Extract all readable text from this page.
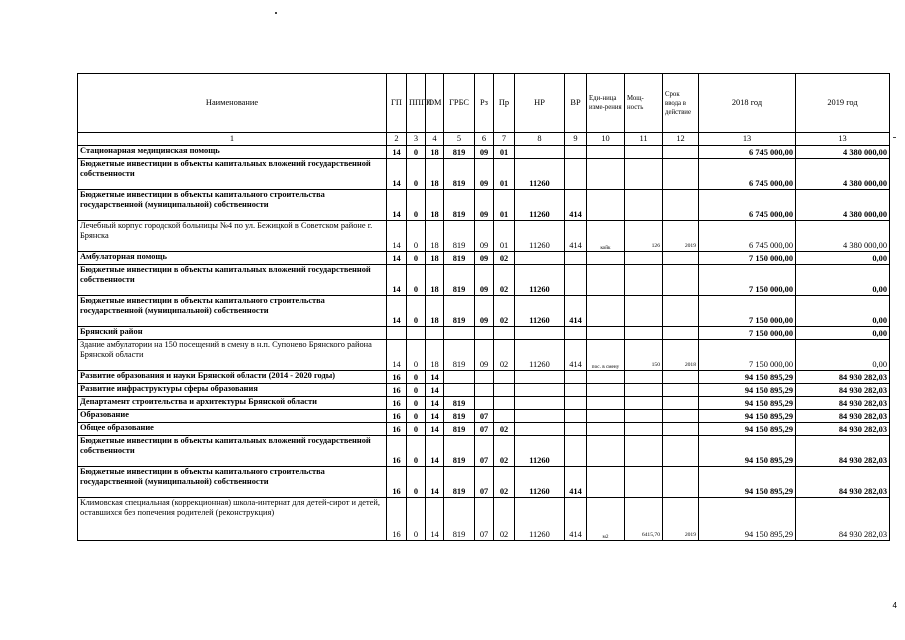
Наименование	ГП	ППГП	ОМ	ГРБС	Рз	Пр	НР	ВР	Еди-ница изме-рения	Мощ-ность	Срок ввода в действие	2018 год	2019 год
1	2	3	4	5	6	7	8	9	10	11	12	13	13
Стационарная медицинская помощь	14	0	18	819	09	01						6 745 000,00	4 380 000,00
Бюджетные инвестиции в объекты капитальных вложений государственной собственности	14	0	18	819	09	01	11260					6 745 000,00	4 380 000,00
Бюджетные инвестиции в объекты капитального строительства государственной (муниципальной) собственности	14	0	18	819	09	01	11260	414				6 745 000,00	4 380 000,00
Лечебный корпус городской больницы №4 по ул. Бежицкой в Советском районе г. Брянска	14	0	18	819	09	01	11260	414	койк	126	2019	6 745 000,00	4 380 000,00
Амбулаторная помощь	14	0	18	819	09	02						7 150 000,00	0,00
Бюджетные инвестиции в объекты капитальных вложений государственной собственности	14	0	18	819	09	02	11260					7 150 000,00	0,00
Бюджетные инвестиции в объекты капитального строительства государственной (муниципальной) собственности	14	0	18	819	09	02	11260	414				7 150 000,00	0,00
Брянский район												7 150 000,00	0,00
Здание амбулатории на 150 посещений в смену в н.п. Супонево Брянского района Брянской области	14	0	18	819	09	02	11260	414	пос. в смену	150	2018	7 150 000,00	0,00
Развитие образования и науки Брянской области (2014 - 2020 годы)	16	0	14									94 150 895,29	84 930 282,03
Развитие инфраструктуры сферы образования	16	0	14									94 150 895,29	84 930 282,03
Департамент строительства и архитектуры Брянской области	16	0	14	819								94 150 895,29	84 930 282,03
Образование	16	0	14	819	07							94 150 895,29	84 930 282,03
Общее образование	16	0	14	819	07	02						94 150 895,29	84 930 282,03
Бюджетные инвестиции в объекты капитальных вложений государственной собственности	16	0	14	819	07	02	11260					94 150 895,29	84 930 282,03
Бюджетные инвестиции в объекты капитального строительства государственной (муниципальной) собственности	16	0	14	819	07	02	11260	414				94 150 895,29	84 930 282,03
Климовская специальная (коррекционная) школа-интернат для детей-сирот и детей, оставшихся без попечения родителей (реконструкция)	16	0	14	819	07	02	11260	414	м2	6415,70	2019	94 150 895,29	84 930 282,03
4
